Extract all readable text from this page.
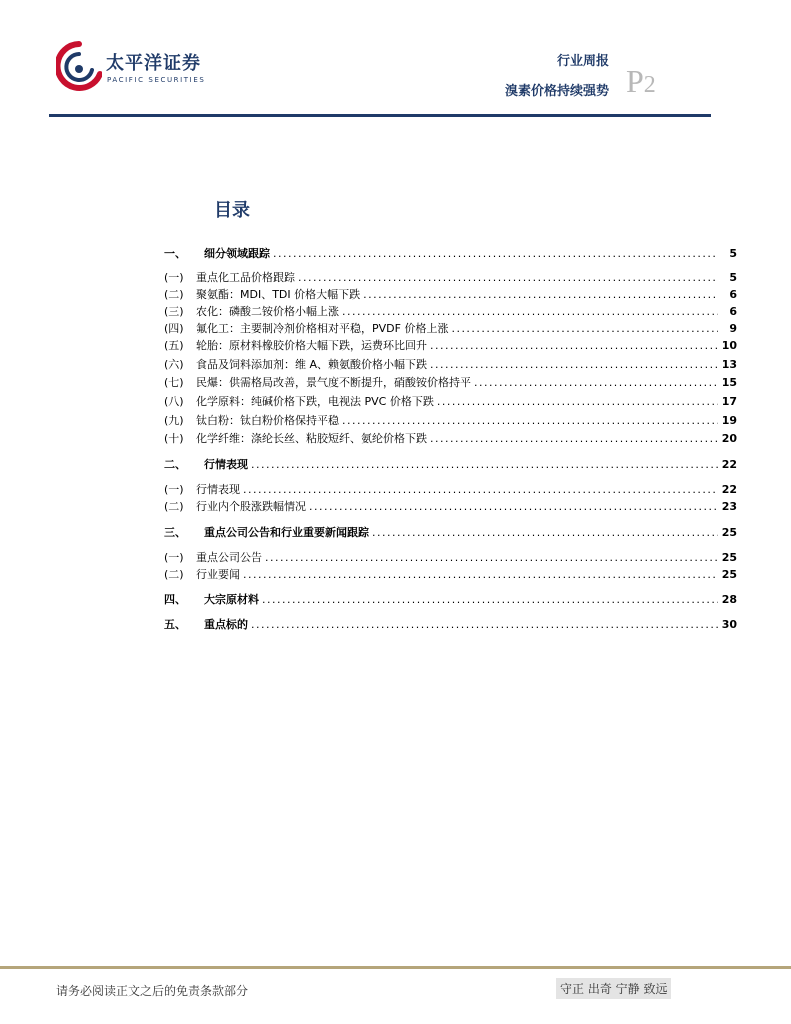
太平洋证券
PACIFIC SECURITIES
行业周报
溴素价格持续强势 P2
目录
一、	细分领域跟踪 . . .	5
(一)	重点化工品价格跟踪 . . .	5
(二)	聚氨酯：MDI、TDI 价格大幅下跌 . . .	6
(三)	农化：磷酸二铵价格小幅上涨 . . .	6
(四)	氟化工：主要制冷剂价格相对平稳，PVDF 价格上涨 . . .	9
(五)	轮胎：原材料橡胶价格大幅下跌，运费环比回升 . . .	10
(六)	食品及饲料添加剂：维 A、赖氨酸价格小幅下跌 . . .	13
(七)	民爆：供需格局改善，景气度不断提升，硝酸铵价格持平 . . .	15
(八)	化学原料：纯碱价格下跌，电视法 PVC 价格下跌 . . .	17
(九)	钛白粉：钛白粉价格保持平稳 . . .	19
(十)	化学纤维：涤纶长丝、粘胶短纤、氨纶价格下跌 . . .	20
二、	行情表现 . . .	22
(一)	行情表现 . . .	22
(二)	行业内个股涨跌幅情况 . . .	23
三、	重点公司公告和行业重要新闻跟踪 . . .	25
(一)	重点公司公告 . . .	25
(二)	行业要闻 . . .	25
四、	大宗原材料 . . .	28
五、	重点标的 . . .	30
请务必阅读正文之后的免责条款部分	守正 出奇 宁静 致远
